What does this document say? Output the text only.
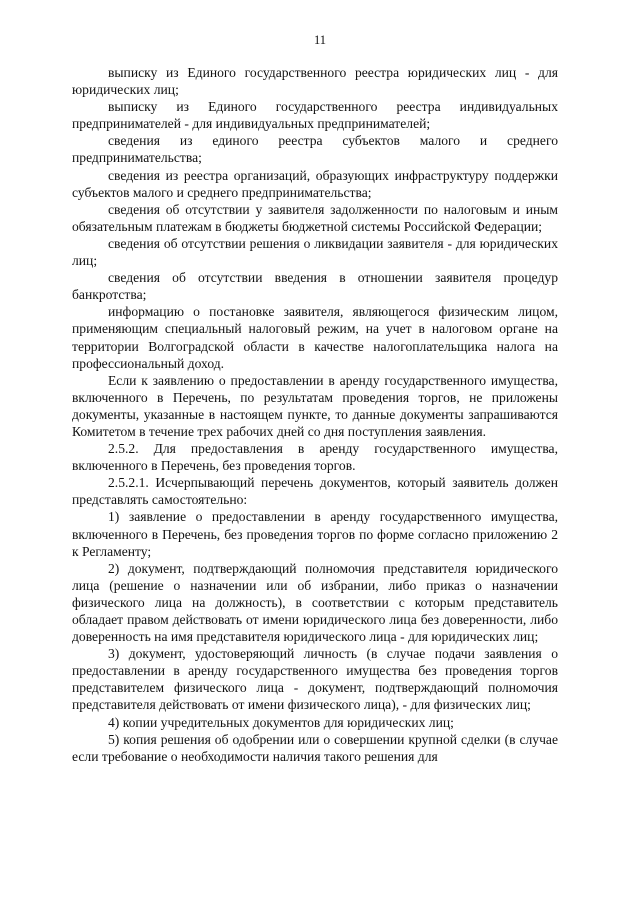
11

выписку из Единого государственного реестра юридических лиц - для юридических лиц;

выписку из Единого государственного реестра индивидуальных предпринимателей - для индивидуальных предпринимателей;

сведения из единого реестра субъектов малого и среднего предпринимательства;

сведения из реестра организаций, образующих инфраструктуру поддержки субъектов малого и среднего предпринимательства;

сведения об отсутствии у заявителя задолженности по налоговым и иным обязательным платежам в бюджеты бюджетной системы Российской Федерации;

сведения об отсутствии решения о ликвидации заявителя - для юридических лиц;

сведения об отсутствии введения в отношении заявителя процедур банкротства;

информацию о постановке заявителя, являющегося физическим лицом, применяющим специальный налоговый режим, на учет в налоговом органе на территории Волгоградской области в качестве налогоплательщика налога на профессиональный доход.

Если к заявлению о предоставлении в аренду государственного имущества, включенного в Перечень, по результатам проведения торгов, не приложены документы, указанные в настоящем пункте, то данные документы запрашиваются Комитетом в течение трех рабочих дней со дня поступления заявления.

2.5.2. Для предоставления в аренду государственного имущества, включенного в Перечень, без проведения торгов.

2.5.2.1. Исчерпывающий перечень документов, который заявитель должен представлять самостоятельно:

1) заявление о предоставлении в аренду государственного имущества, включенного в Перечень, без проведения торгов по форме согласно приложению 2 к Регламенту;

2) документ, подтверждающий полномочия представителя юридического лица (решение о назначении или об избрании, либо приказ о назначении физического лица на должность), в соответствии с которым представитель обладает правом действовать от имени юридического лица без доверенности, либо доверенность на имя представителя юридического лица - для юридических лиц;

3) документ, удостоверяющий личность (в случае подачи заявления о предоставлении в аренду государственного имущества без проведения торгов представителем физического лица - документ, подтверждающий полномочия представителя действовать от имени физического лица), - для физических лиц;

4) копии учредительных документов для юридических лиц;

5) копия решения об одобрении или о совершении крупной сделки (в случае если требование о необходимости наличия такого решения для
